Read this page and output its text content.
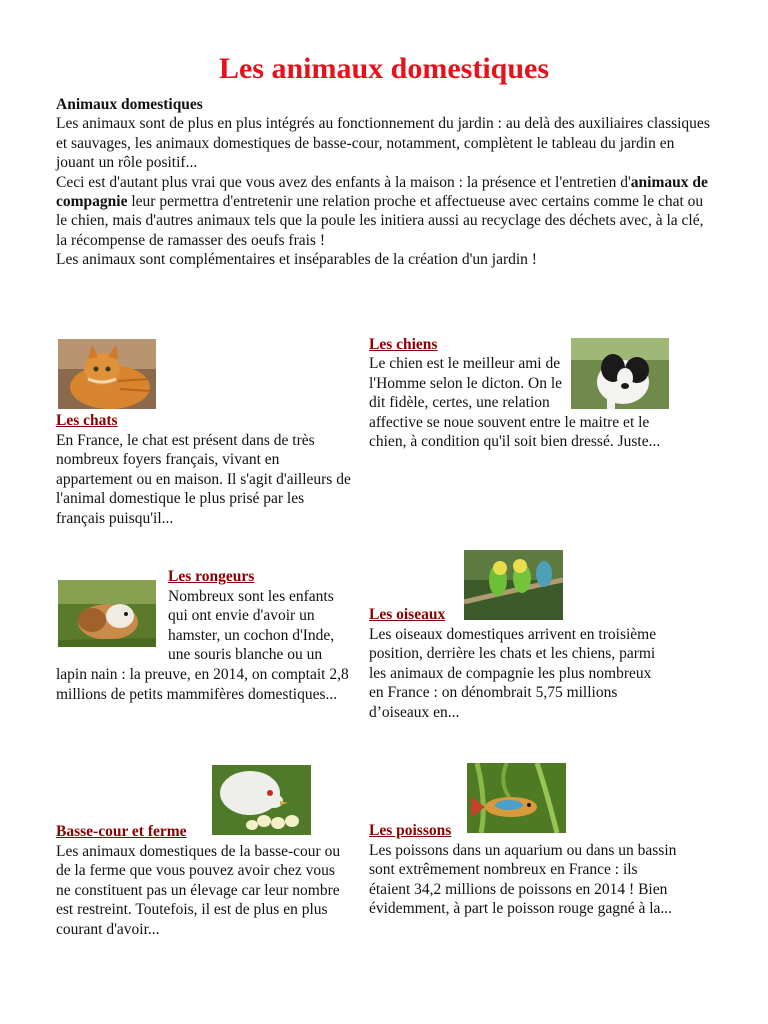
Les animaux domestiques
Animaux domestiques

Les animaux sont de plus en plus intégrés au fonctionnement du jardin : au delà des auxiliaires classiques et sauvages, les animaux domestiques de basse-cour, notamment, complètent le tableau du jardin en jouant un rôle positif...

Ceci est d'autant plus vrai que vous avez des enfants à la maison : la présence et l'entretien d'animaux de compagnie leur permettra d'entretenir une relation proche et affectueuse avec certains comme le chat ou le chien, mais d'autres animaux tels que la poule les initiera aussi au recyclage des déchets avec, à la clé, la récompense de ramasser des oeufs frais !

Les animaux sont complémentaires et inséparables de la création d'un jardin !

Les chats

En France, le chat est présent dans de très nombreux foyers français, vivant en appartement ou en maison. Il s'agit d'ailleurs de l'animal domestique le plus prisé par les français puisqu'il...

Les chiens

Le chien est le meilleur ami de l'Homme selon le dicton. On le dit fidèle, certes, une relation affective se noue souvent entre le maitre et le chien, à condition qu'il soit bien dressé. Juste...

Les rongeurs

Nombreux sont les enfants qui ont envie d'avoir un hamster, un cochon d'Inde, une souris blanche ou un lapin nain : la preuve, en 2014, on comptait 2,8 millions de petits mammifères domestiques...

Les oiseaux

Les oiseaux domestiques arrivent en troisième position, derrière les chats et les chiens, parmi les animaux de compagnie les plus nombreux en France : on dénombrait 5,75 millions d’oiseaux en...

Basse-cour et ferme

Les animaux domestiques de la basse-cour ou de la ferme que vous pouvez avoir chez vous ne constituent pas un élevage car leur nombre est restreint. Toutefois, il est de plus en plus courant d'avoir...

Les poissons

Les poissons dans un aquarium ou dans un bassin sont extrêmement nombreux en France : ils étaient 34,2 millions de poissons en 2014 ! Bien évidemment, à part le poisson rouge gagné à la...
